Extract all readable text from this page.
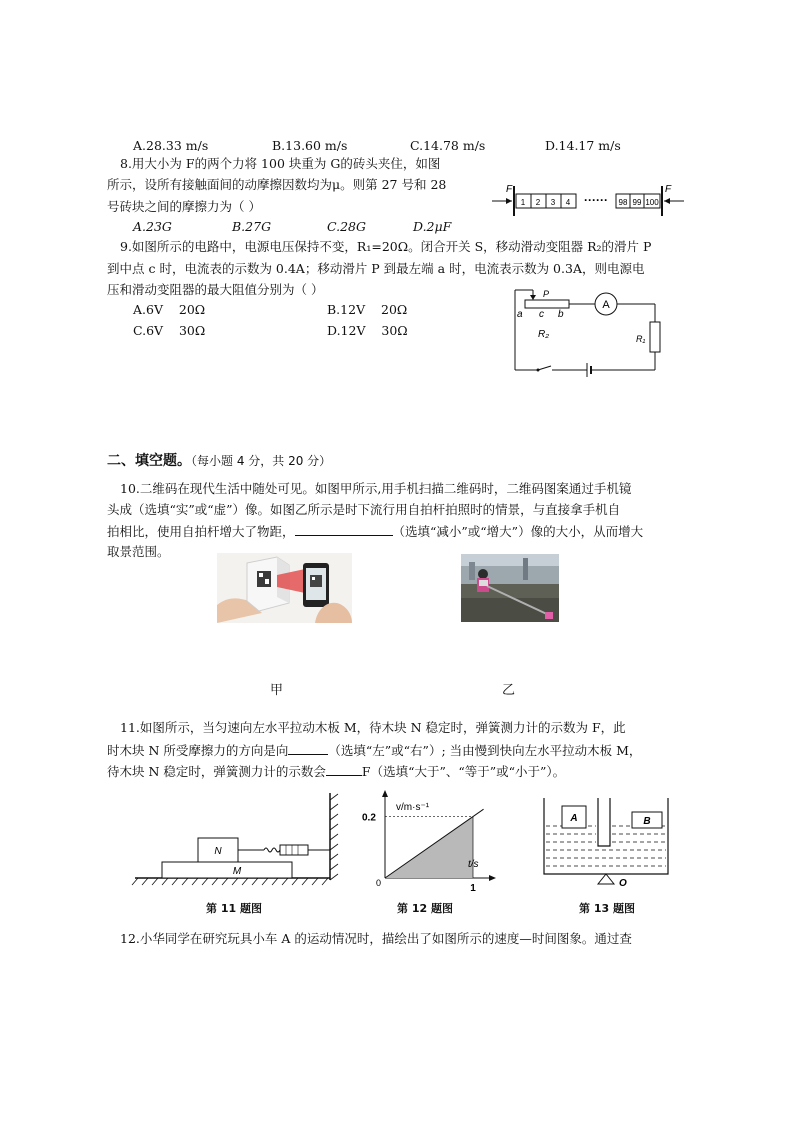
A.28.33 m/s	B.13.60 m/s	C.14.78 m/s	D.14.17 m/s
8.用大小为 F的两个力将 100 块重为 G的砖头夹住，如图
所示，设所有接触面间的动摩擦因数均为μ。则第 27 号和 28
号砖块之间的摩擦力为（ ）
A.23G	B.27G	C.28G	D.2μF
F
1 2 3 4 ······ 98 99 100
F
9.如图所示的电路中，电源电压保持不变，R₁=20Ω。闭合开关 S，移动滑动变阻器 R₂的滑片 P
到中点 c 时，电流表的示数为 0.4A；移动滑片 P 到最左端 a 时，电流表示数为 0.3A，则电源电
压和滑动变阻器的最大阻值分别为（ ）
A.6V    20Ω	B.12V    20Ω
C.6V    30Ω	D.12V    30Ω
P
a c b
R₂
A
R₁
二、填空题。（每小题 4 分，共 20 分）
10.二维码在现代生活中随处可见。如图甲所示,用手机扫描二维码时，二维码图案通过手机镜
头成（选填“实”或“虚”）像。如图乙所示是时下流行用自拍杆拍照时的情景，与直接拿手机自
拍相比，使用自拍杆增大了物距，	（选填“减小”或“增大”）像的大小，从而增大
取景范围。
甲	乙
11.如图所示，当匀速向左水平拉动木板 M，待木块 N 稳定时，弹簧测力计的示数为 F，此
时木块 N 所受摩擦力的方向是向	（选填“左”或“右”）; 当由慢到快向左水平拉动木板 M，
待木块 N 稳定时，弹簧测力计的示数会	F（选填“大于”、“等于”或“小于”）。
M
N
第 11 题图
v/m·s⁻¹
t/s
0.2
1
0
第 12 题图
A	B
O
第 13 题图
12.小华同学在研究玩具小车 A 的运动情况时，描绘出了如图所示的速度—时间图象。通过查
